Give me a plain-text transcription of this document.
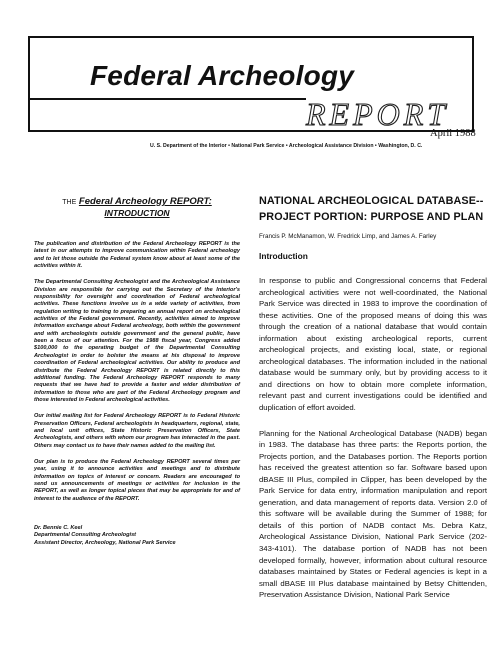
Federal Archeology
REPORT
April 1988
U. S. Department of the Interior • National Park Service • Archeological Assistance Division • Washington, D. C.
THE Federal Archeology REPORT:
INTRODUCTION

The publication and distribution of the Federal Archeology REPORT is the latest in our attempts to improve communication within Federal archeology and to let those outside the Federal system know about at least some of the activities within it.

The Departmental Consulting Archeologist and the Archeological Assistance Division are responsible for carrying out the Secretary of the Interior's responsibility for oversight and coordination of Federal archeological activities. These functions involve us in a wide variety of activities, from regulation writing to training to preparing an annual report on archeological activities of the Federal government. Recently, activities aimed to improve information exchange about Federal archeology, both within the government and with archeologists outside government and the general public, have been a focus of our attention. For the 1988 fiscal year, Congress added $100,000 to the operating budget of the Departmental Consulting Archeologist in order to bolster the means at his disposal to improve coordination of Federal archeological activities. Our ability to produce and distribute the Federal Archeology REPORT is related directly to this additional funding. The Federal Archeology REPORT responds to many requests that we have had to provide a faster and wider distribution of information to those who are part of the Federal Archeology program and those interested in Federal archeological activities.

Our initial mailing list for Federal Archeology REPORT is to Federal Historic Preservation Officers, Federal archeologists in headquarters, regional, state, and local unit offices, State Historic Preservation Officers, State Archeologists, and others with whom our program has interacted in the past. Others may contact us to have their names added to the mailing list.

Our plan is to produce the Federal Archeology REPORT several times per year, using it to announce activities and meetings and to distribute information on topics of interest or concern. Readers are encouraged to send us announcements of meetings or activities for inclusion in the REPORT, as well as longer topical pieces that may be appropriate for and of interest to the audience of the REPORT.

Dr. Bennie C. Keel
Departmental Consulting Archeologist
Assistant Director, Archeology, National Park Service
NATIONAL ARCHEOLOGICAL DATABASE--PROJECT PORTION: PURPOSE AND PLAN
Francis P. McManamon, W. Fredrick Limp, and James A. Farley
Introduction

In response to public and Congressional concerns that Federal archeological activities were not well-coordinated, the National Park Service was directed in 1983 to improve the coordination of these activities. One of the proposed means of doing this was through the creation of a national database that would contain information about existing archeological reports, current archeological projects, and existing local, state, or regional archeological databases. The information included in the national database would be summary only, but by providing access to it and directions on how to obtain more complete information, relevant past and current investigations could be identified and duplication of effort avoided.

Planning for the National Archeological Database (NADB) began in 1983. The database has three parts: the Reports portion, the Projects portion, and the Databases portion. The Reports portion has received the greatest attention so far. Software based upon dBASE III Plus, compiled in Clipper, has been developed by the Park Service for data entry, information manipulation and report generation, and data management of reports data. Version 2.0 of this software will be available during the Summer of 1988; for details of this portion of NADB contact Ms. Debra Katz, Archeological Assistance Division, National Park Service (202-343-4101). The database portion of NADB has not been developed formally, however, information about cultural resource databases maintained by States or Federal agencies is kept in a small dBASE III Plus database maintained by Betsy Chittenden, Preservation Assistance Division, National Park Service
